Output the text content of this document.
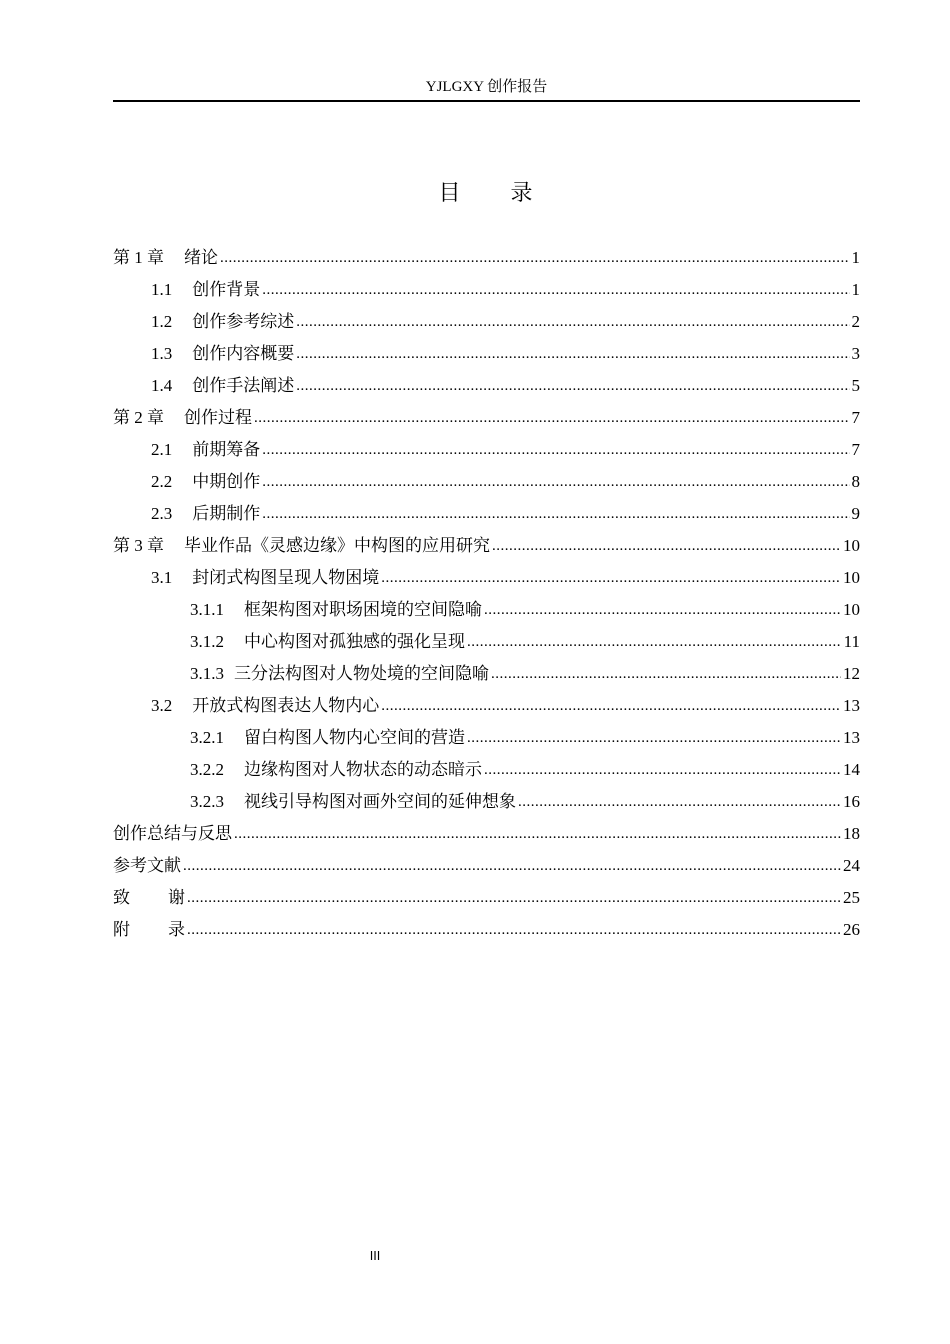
YJLGXY 创作报告
目 录
第 1 章 绪论 .....	1
1.1 创作背景 .....	1
1.2 创作参考综述 .....	2
1.3 创作内容概要 .....	3
1.4 创作手法阐述 .....	5
第 2 章 创作过程 .....	7
2.1 前期筹备 .....	7
2.2 中期创作 .....	8
2.3 后期制作 .....	9
第 3 章 毕业作品《灵感边缘》中构图的应用研究 .....	10
3.1 封闭式构图呈现人物困境 .....	10
3.1.1 框架构图对职场困境的空间隐喻 .....	10
3.1.2 中心构图对孤独感的强化呈现 .....	11
3.1.3 三分法构图对人物处境的空间隐喻 .....	12
3.2 开放式构图表达人物内心 .....	13
3.2.1 留白构图人物内心空间的营造 .....	13
3.2.2 边缘构图对人物状态的动态暗示 .....	14
3.2.3 视线引导构图对画外空间的延伸想象 .....	16
创作总结与反思 .....	18
参考文献 .....	24
致 谢 .....	25
附 录 .....	26
III
